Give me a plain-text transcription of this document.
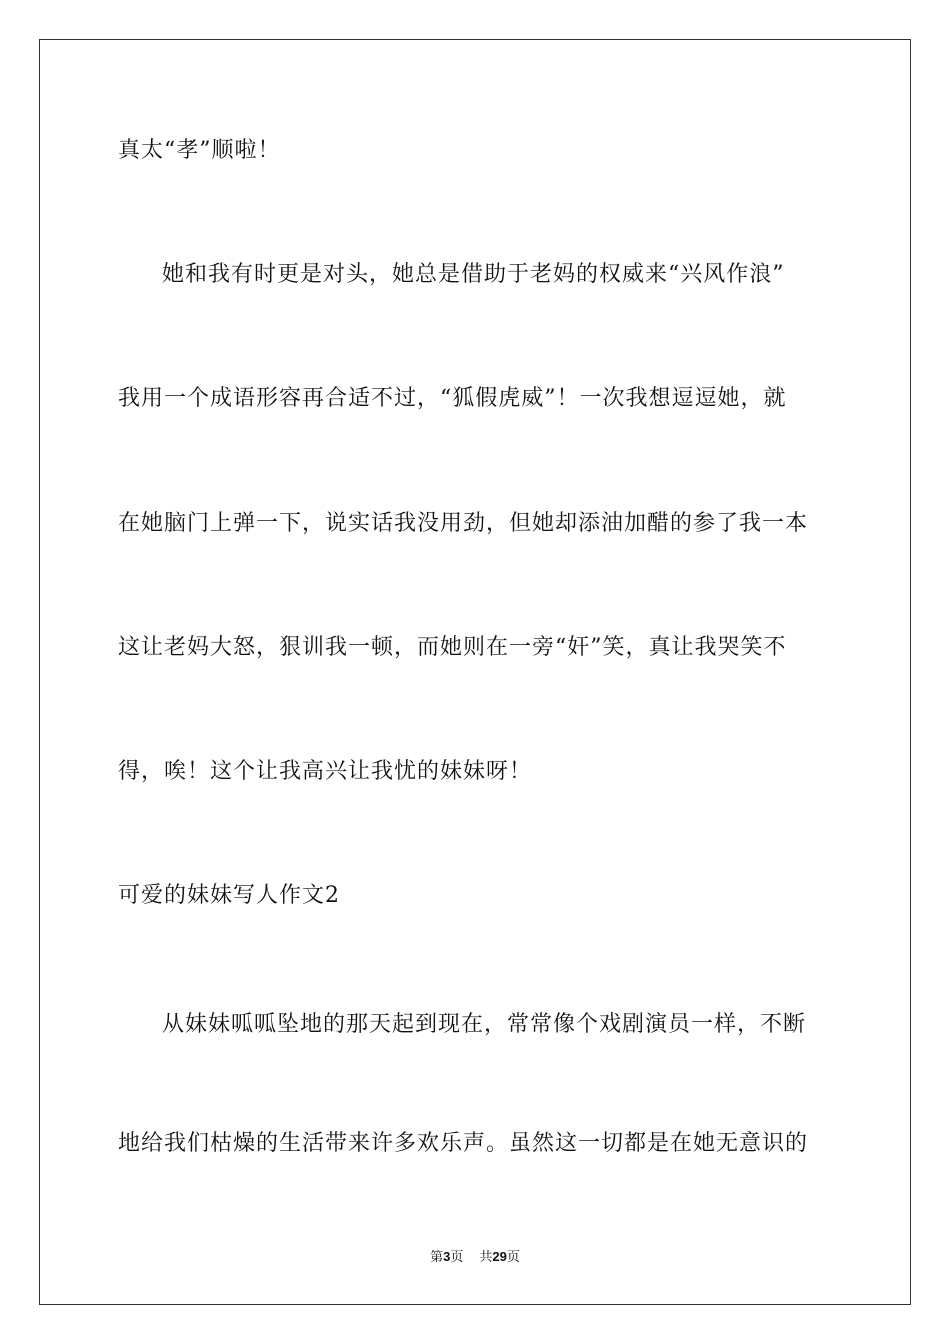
真太“孝”顺啦！
她和我有时更是对头，她总是借助于老妈的权威来“兴风作浪”
我用一个成语形容再合适不过，“狐假虎威”！一次我想逗逗她，就
在她脑门上弹一下，说实话我没用劲，但她却添油加醋的参了我一本
这让老妈大怒，狠训我一顿，而她则在一旁“奸”笑，真让我哭笑不
得，唉！这个让我高兴让我忧的妹妹呀！
可爱的妹妹写人作文2
从妹妹呱呱坠地的那天起到现在，常常像个戏剧演员一样，不断
地给我们枯燥的生活带来许多欢乐声。虽然这一切都是在她无意识的
第3页 共29页
